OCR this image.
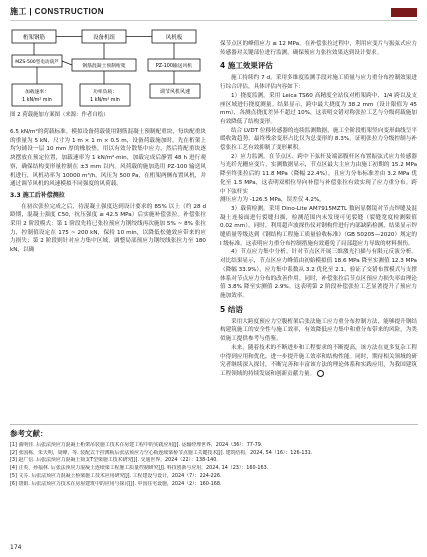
施工 | CONSTRUCTION
桁架钢筋	设备机组	风机板
钢筋混凝土预制桁架	PZ-100输送风机
MZS-500型电动葫芦
功率负载：
1 kN/m² min
调节风机风速
加载速率：
1 kN/m² min
图 2 荷载施加方案图（来源：作者自绘）

6.5 kN/m²的荷载标准。模拟设备荷载使用钢筋混凝土预制配重块，每块配重块的重量为 5 kN，尺寸为 1 m × 1 m × 0.5 m，设备荷载施加时，先在桁架上均匀铺设一层 10 mm 厚的橡胶垫，用以有效分散集中应力，然后将配重块逐块摆放在预定位置，加载速率为 1 kN/m²·min，加载完成后静置 48 h 进行观察，确保结构变形量控制在 ±3 mm 以内。风荷载的施加选用 PZ-100 输送风机进行，风机功率为 10000 m³/h，风压为 500 Pa，在桁架两侧布置风机，并通过调节风机的风速模拟不同强度的风荷载。

3.3 施工后补偿测拉

在初次张拉完成之后，待混凝土强度达到设计要求的 85% 以上（约 28 d 龄期，混凝土强度 C50，抗压强度 ≥ 42.5 MPa）后实施补偿张拉。补偿张拉采用 2 阶段模式：第 1 阶段先将已张拉预应力钢绞线再次施加 5% ~ 8% 张拉力，控制值设定在 175 ~ 200 kN，保持 10 min，以降低松弛效应带来的应力损失；第 2 阶段则针对应力集中区域，调整局部预应力钢绞线张拉力至 180 kN，以确

保节点区的峰值应力 ≤ 12 MPa。在补偿张拉过程中，利用应变片与振弦式应力传感器对关键部位进行监测，确保预应力张拉效果达到设计要求。

4 施工效果评估

施工持续约 7 d，采用多维度监测手段对施工质量与应力重分布控制效果进行综合评估，具体评估内容如下：

1）挠度监测。采用 Leica TS60 高精度全站仪对桁架跨中、1/4 跨以及支座区域进行挠度测量。结果显示，跨中最大挠度为 38.2 mm（设计限值为 45 mm），各测点挠度差异不超过 10%，这表明交错对称张拉工艺与分级荷载施加有效降低了结构变形。

结合 LVDT 位移传感器的连续监测数据，施工全阶段桁架竖向变形曲线呈平缓收敛趋势，最终残余变形占比仅为总变形的 8.3%，证明张拉力分级控制与补偿张拉工艺有效抑制了变形累积。

2）应力监测。在节点区、跨中下弦杆及端部腹杆区布置振弦式应力传感器与光纤光栅应变片，实测数据显示，节点区最大主应力由施工初期的 15.2 MPa 降至终张拉后的 11.8 MPa（降幅 22.4%），且应力分布标准差由 3.2 MPa 优化至 1.5 MPa，这表明双相位导向补偿与补偿张拉有效实现了应力重分布。跨中下弦杆实

测压应力为 -126.5 MPa，误差仅 4.2%。

3）载荷检测。采用 Dino-Lite AM7915MZTL 数码显微镜对节点焊缝及混凝土连接面进行裂缝扫描，检测范围内未发现可见裂缝（裂缝宽度检测限值 0.02 mm）。同时，利用超声波探伤仪对钢构件进行内部缺陷检测，结果显示焊缝质量等级达到《钢结构工程施工质量验收标准》（GB 50205—2020）规定的 I 级标准。这表明应力重分布控制措施有效避免了局部超应力导致的材料损伤。

4）节点应力集中分析。针对节点区开展三维激光扫描与有限元反演分析。对比结果显示，节点区应力峰值由初始模拟值 18.6 MPa 降至实测值 12.3 MPa（降幅 33.9%），应力集中系数从 3.2 优化至 2.1，验证了交错布置模式与支撑体系对节点应力分布的改善作用。同时，补偿张拉后节点区预应力损失率由理论值 3.8% 降至实测值 2.9%。这表明第 2 阶段补偿张拉工艺显著提升了预应力施加效率。

5 结语

采用大跨度预应力空腹桁架后张法施工应力重分布控制方法，能够提升钢结构建筑施工的安全性与施工效率，有效降低应力集中和重分布带来的风险，为类似施工提供参考与借鉴。

未来，随着技术的不断进步和工程要求的不断提高，该方法在更多复杂工程中得到应用和优化，进一步提升施工效率和结构性能。同时，期待相关领域的研究者继续深入探讨，不断完善和丰富该方法的理论体系和实践应用，为我国建筑工程领域的持续发展和创新贡献力量。

参考文献：
[1] 曲明佳. 后张法预应力混凝土桁架吊装施工技术在房建工程中的实践应用[J]. 运输经理世界，2024（36）：77-79.
[2] 张国栋，朱天明，周峰，等. 装配式干挂薄板后张法预应力空心板连续梁桥节点施工关键技术[J]. 建筑结构，2024, 54（16）：126-131.
[3] 赵广信. 后张法预应力混凝土简支T型梁施工技术研究[J]. 交通世界，2024（22）：138-140.
[4] 汪英，孙福林. 后张法预应力混凝土连续梁工程施工质量控制研究[J]. 科技创新与应用，2024, 14（23）：160-163.
[5] 文芬. 后张法预应力混凝土桥梁施工技术应用研究[J]. 工程建设与设计，2024（7）：224-226.
[6] 唐娟. 后张法预应力技术在房屋建筑中的应用与探讨[J]. 中国住宅设施，2024（2）：160-168.
174
